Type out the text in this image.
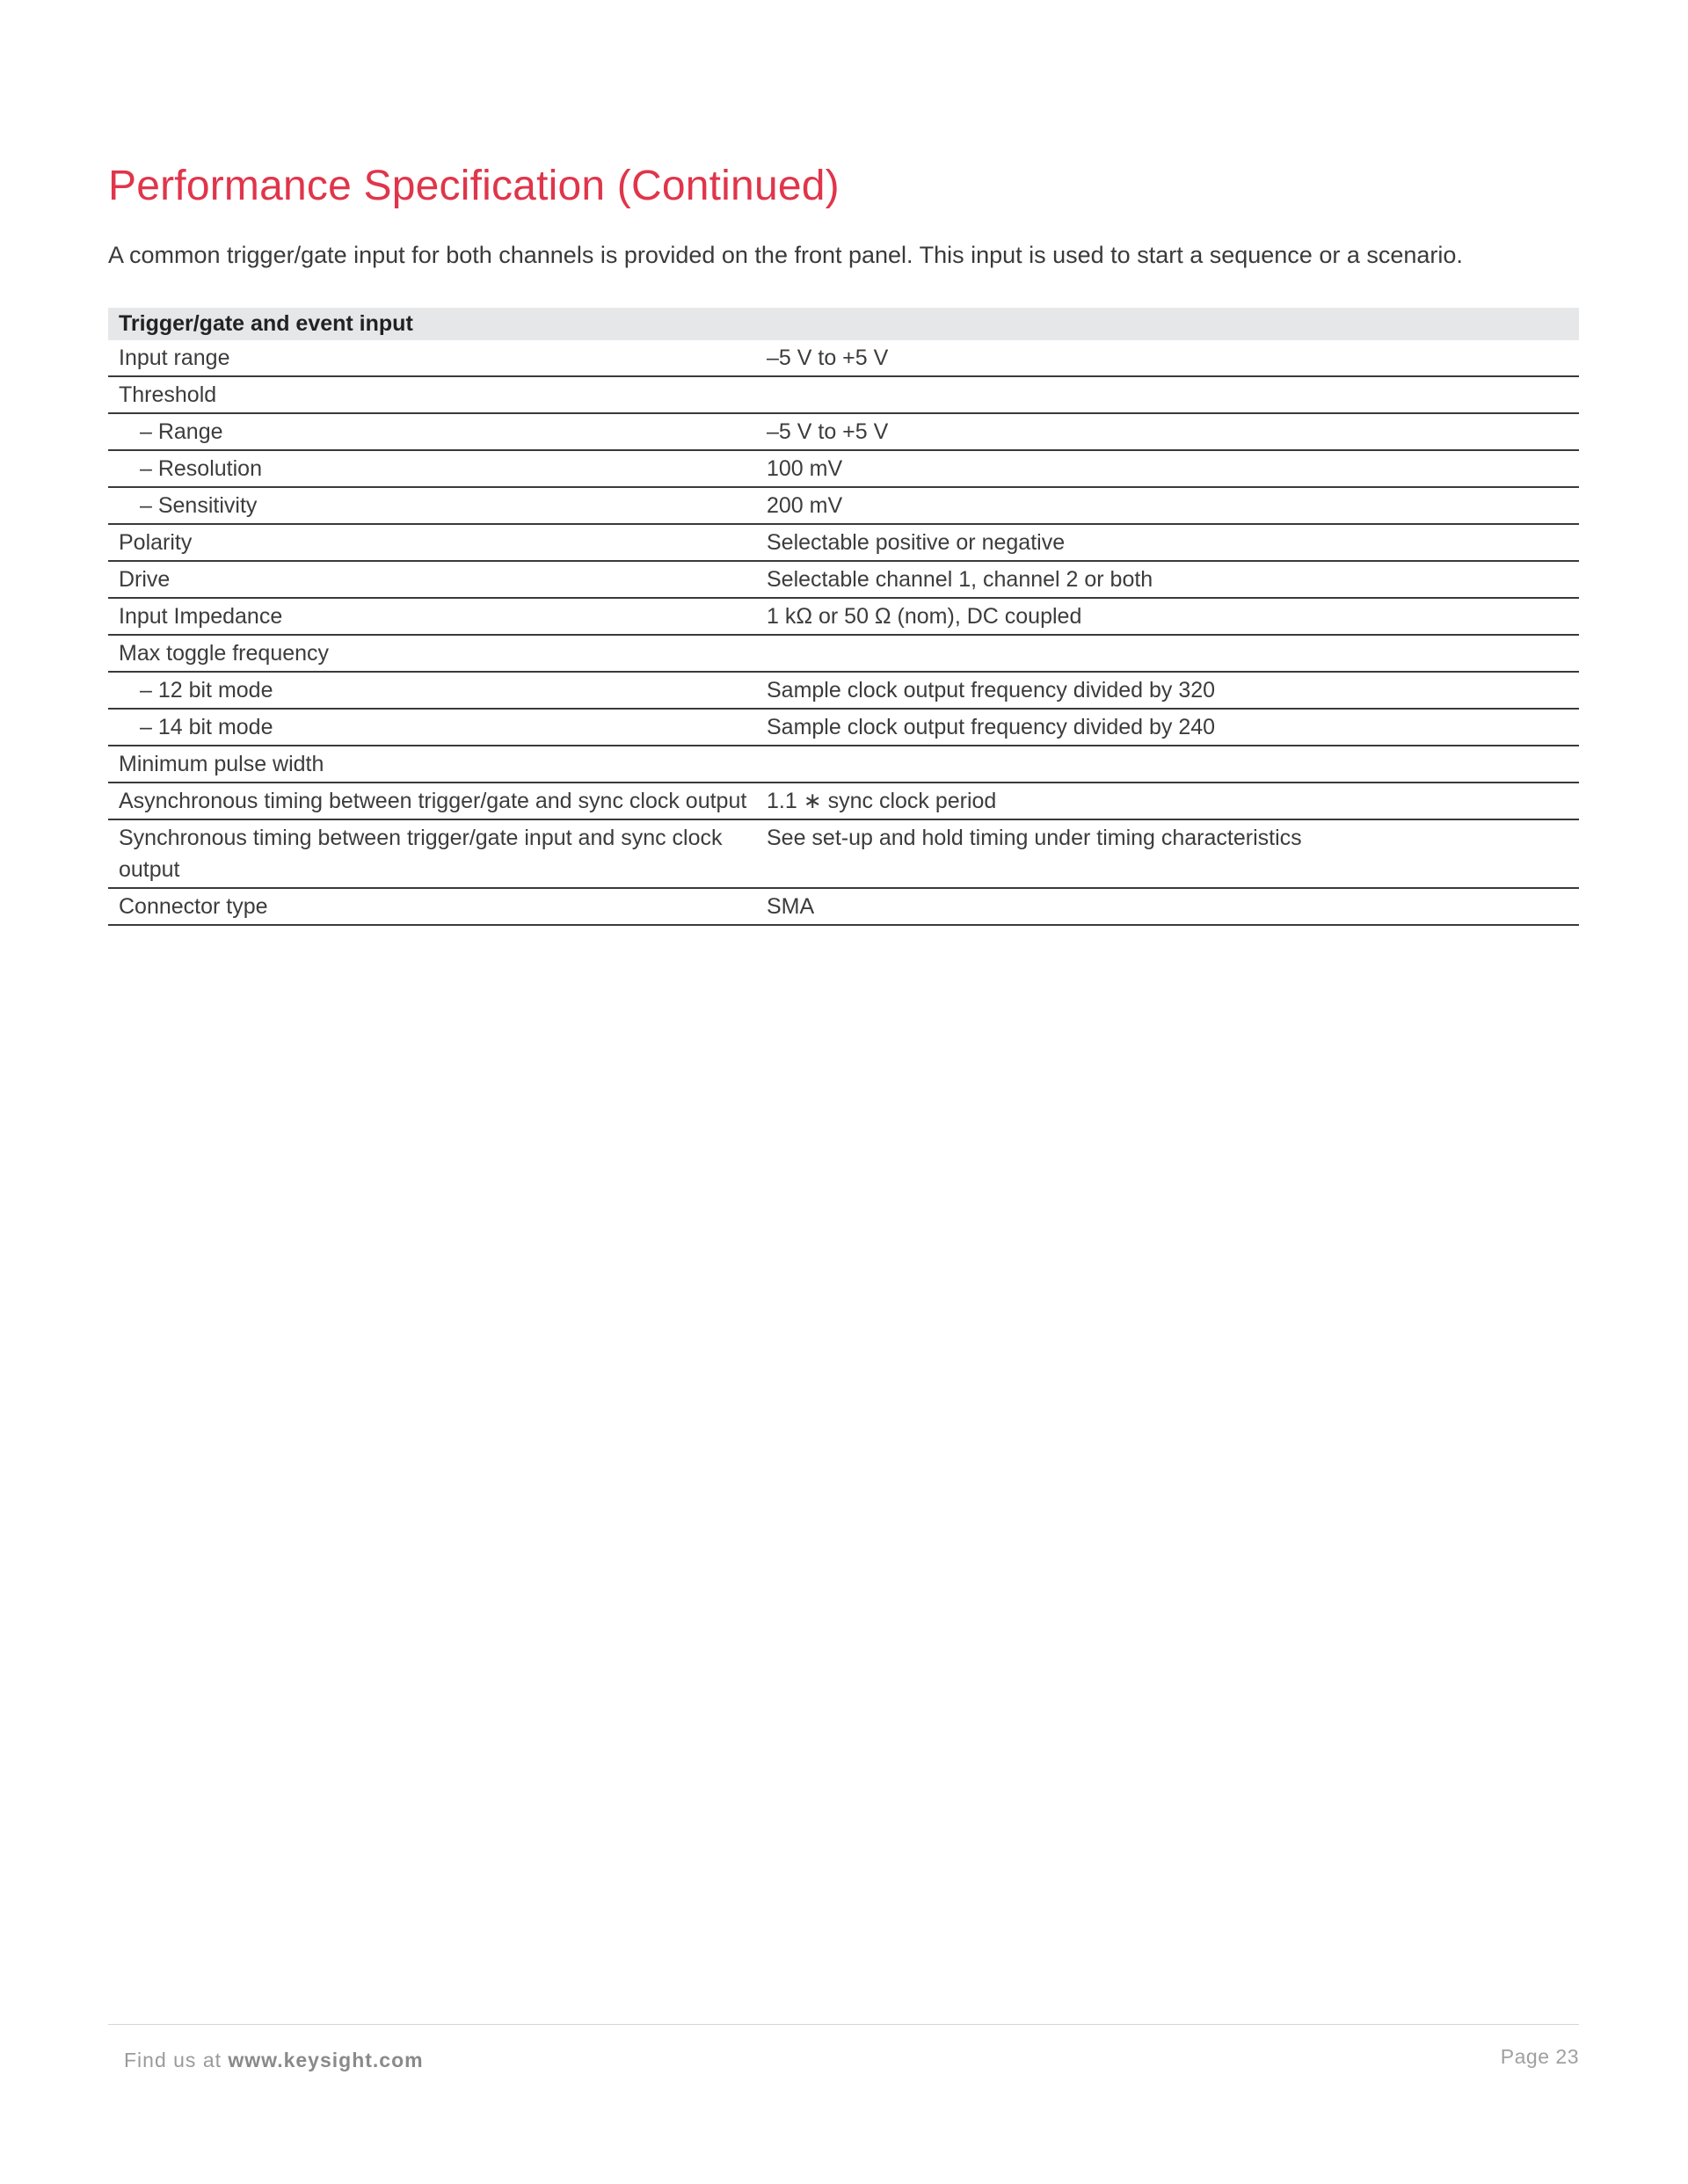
Performance Specification (Continued)

A common trigger/gate input for both channels is provided on the front panel. This input is used to start a sequence or a scenario.

Trigger/gate and event input	
Input range	–5 V to +5 V
Threshold	
– Range	–5 V to +5 V
– Resolution	100 mV
– Sensitivity	200 mV
Polarity	Selectable positive or negative
Drive	Selectable channel 1, channel 2 or both
Input Impedance	1 kΩ or 50 Ω (nom), DC coupled
Max toggle frequency	
– 12 bit mode	Sample clock output frequency divided by 320
– 14 bit mode	Sample clock output frequency divided by 240
Minimum pulse width	
Asynchronous timing between trigger/gate and sync clock output	1.1 ∗ sync clock period
Synchronous timing between trigger/gate input and sync clock output	See set-up and hold timing under timing characteristics
Connector type	SMA
Find us at www.keysight.com	Page 23
